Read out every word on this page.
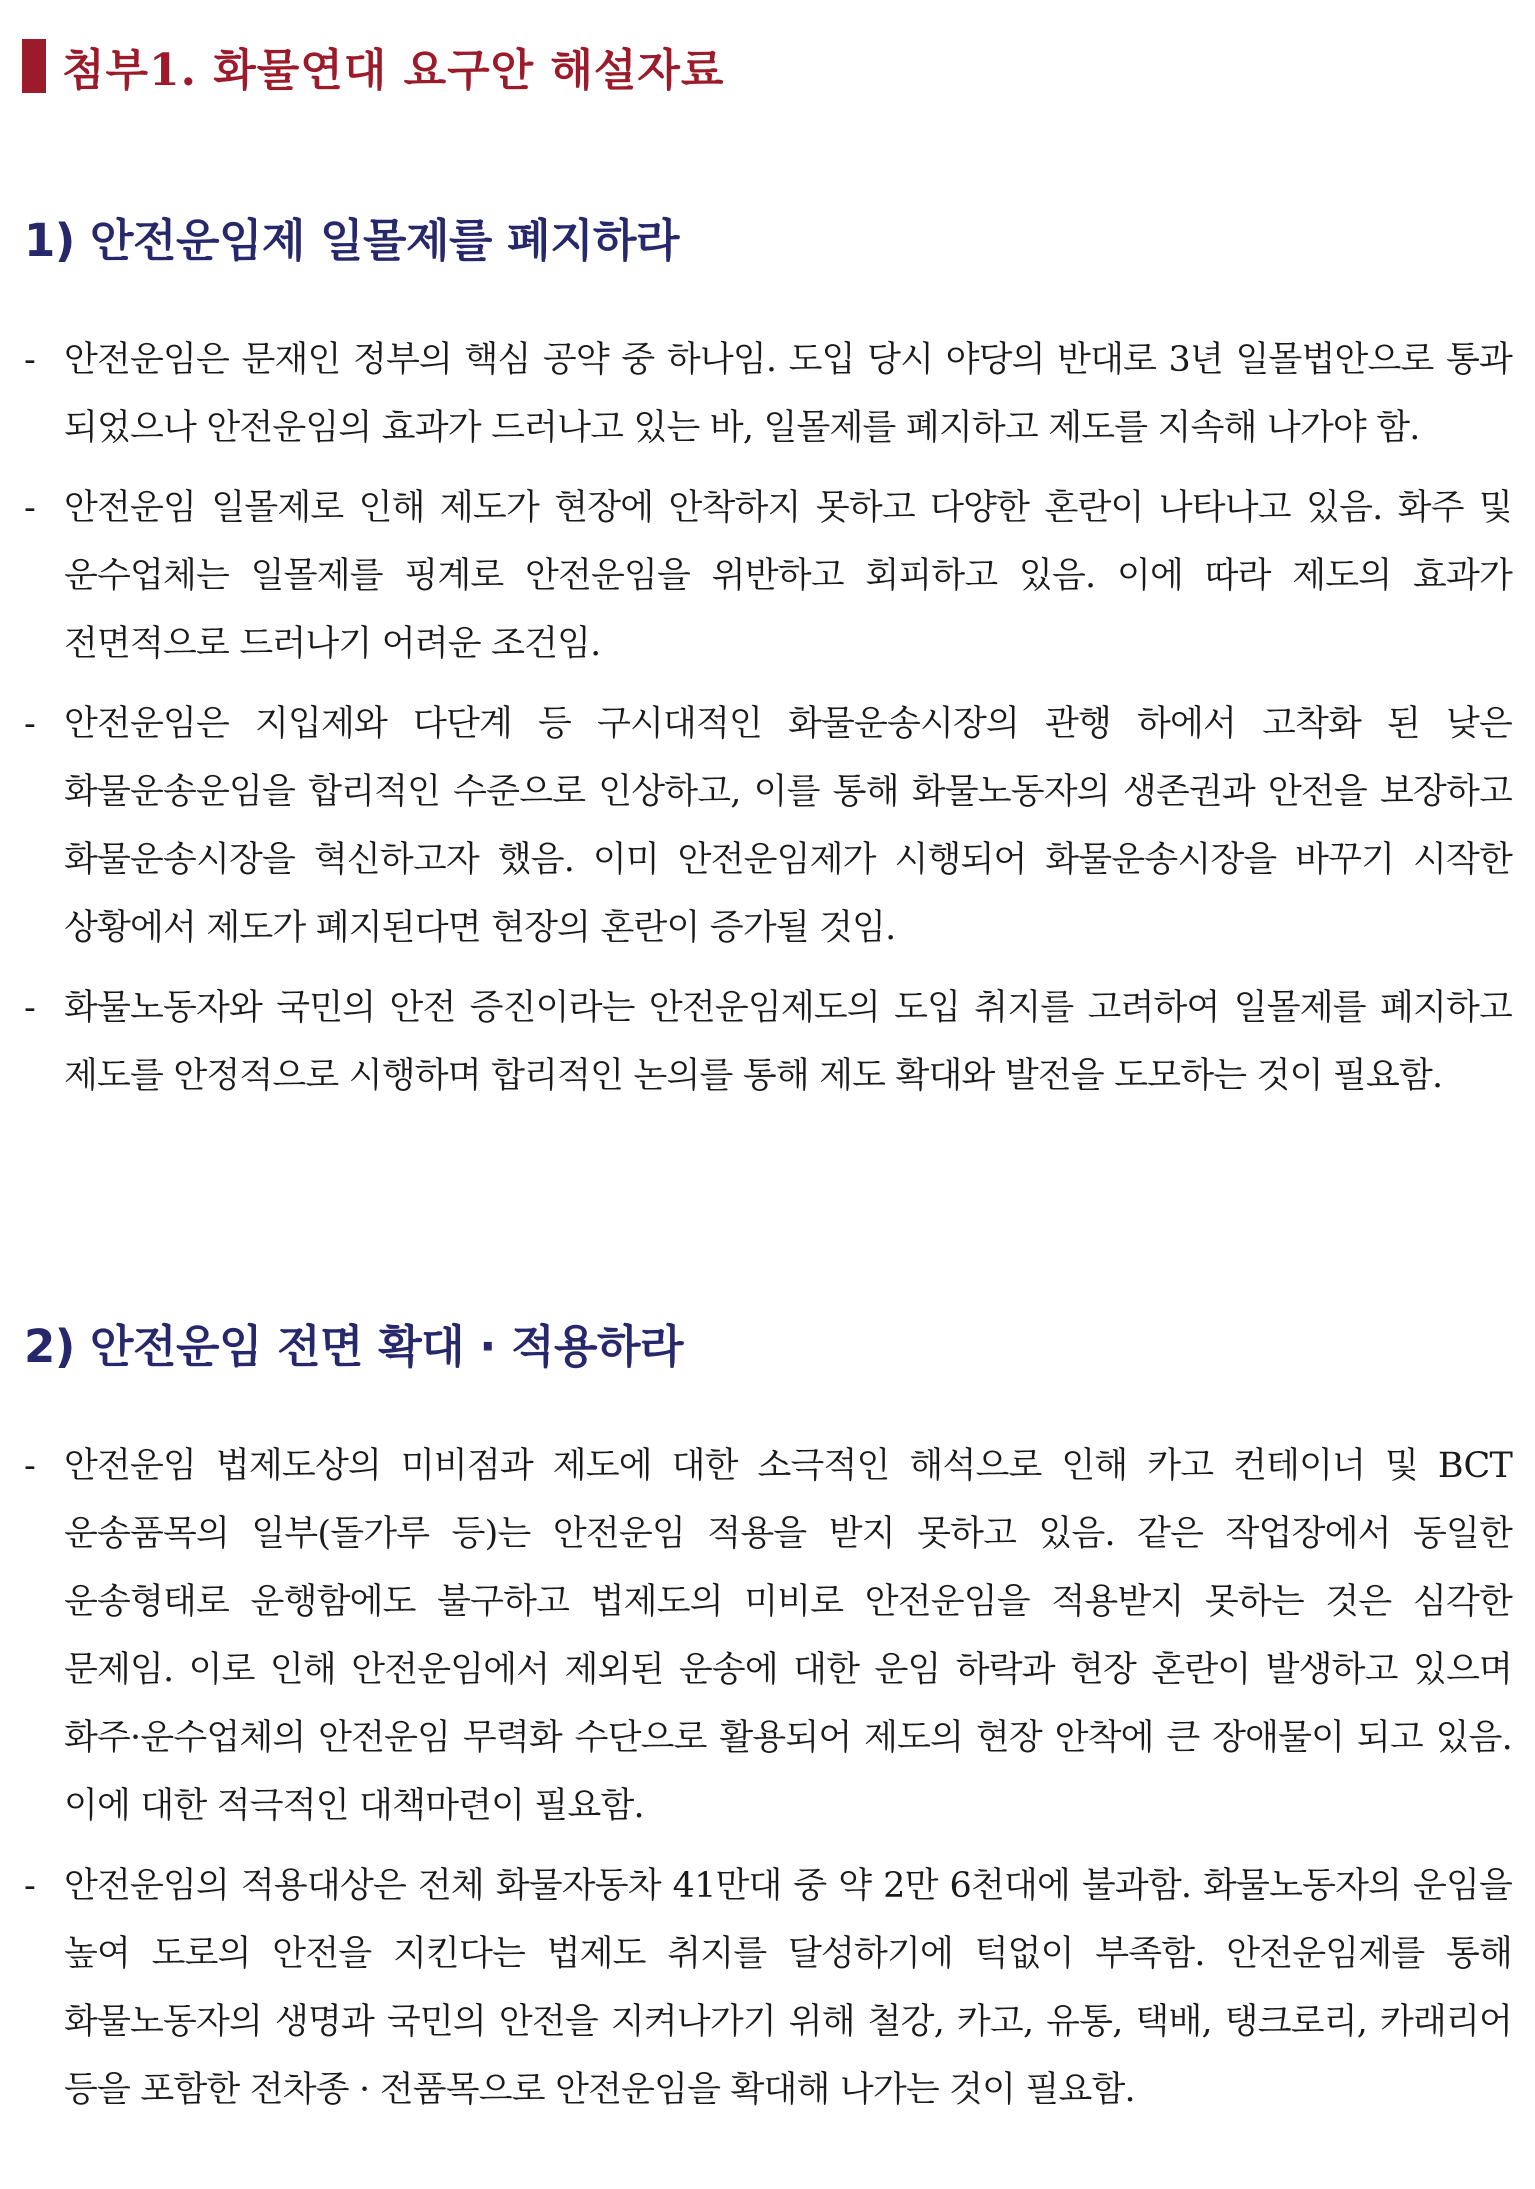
첨부1. 화물연대 요구안 해설자료
1) 안전운임제 일몰제를 폐지하라
- 안전운임은 문재인 정부의 핵심 공약 중 하나임. 도입 당시 야당의 반대로 3년 일몰법안으로 통과 되었으나 안전운임의 효과가 드러나고 있는 바, 일몰제를 폐지하고 제도를 지속해 나가야 함.
- 안전운임 일몰제로 인해 제도가 현장에 안착하지 못하고 다양한 혼란이 나타나고 있음. 화주 및 운수업체는 일몰제를 핑계로 안전운임을 위반하고 회피하고 있음. 이에 따라 제도의 효과가 전면적으로 드러나기 어려운 조건임.
- 안전운임은 지입제와 다단계 등 구시대적인 화물운송시장의 관행 하에서 고착화 된 낮은 화물운송운임을 합리적인 수준으로 인상하고, 이를 통해 화물노동자의 생존권과 안전을 보장하고 화물운송시장을 혁신하고자 했음. 이미 안전운임제가 시행되어 화물운송시장을 바꾸기 시작한 상황에서 제도가 폐지된다면 현장의 혼란이 증가될 것임.
- 화물노동자와 국민의 안전 증진이라는 안전운임제도의 도입 취지를 고려하여 일몰제를 폐지하고 제도를 안정적으로 시행하며 합리적인 논의를 통해 제도 확대와 발전을 도모하는 것이 필요함.
2) 안전운임 전면 확대 · 적용하라
- 안전운임 법제도상의 미비점과 제도에 대한 소극적인 해석으로 인해 카고 컨테이너 및 BCT 운송품목의 일부(돌가루 등)는 안전운임 적용을 받지 못하고 있음. 같은 작업장에서 동일한 운송형태로 운행함에도 불구하고 법제도의 미비로 안전운임을 적용받지 못하는 것은 심각한 문제임. 이로 인해 안전운임에서 제외된 운송에 대한 운임 하락과 현장 혼란이 발생하고 있으며 화주·운수업체의 안전운임 무력화 수단으로 활용되어 제도의 현장 안착에 큰 장애물이 되고 있음. 이에 대한 적극적인 대책마련이 필요함.
- 안전운임의 적용대상은 전체 화물자동차 41만대 중 약 2만 6천대에 불과함. 화물노동자의 운임을 높여 도로의 안전을 지킨다는 법제도 취지를 달성하기에 턱없이 부족함. 안전운임제를 통해 화물노동자의 생명과 국민의 안전을 지켜나가기 위해 철강, 카고, 유통, 택배, 탱크로리, 카래리어 등을 포함한 전차종 · 전품목으로 안전운임을 확대해 나가는 것이 필요함.
